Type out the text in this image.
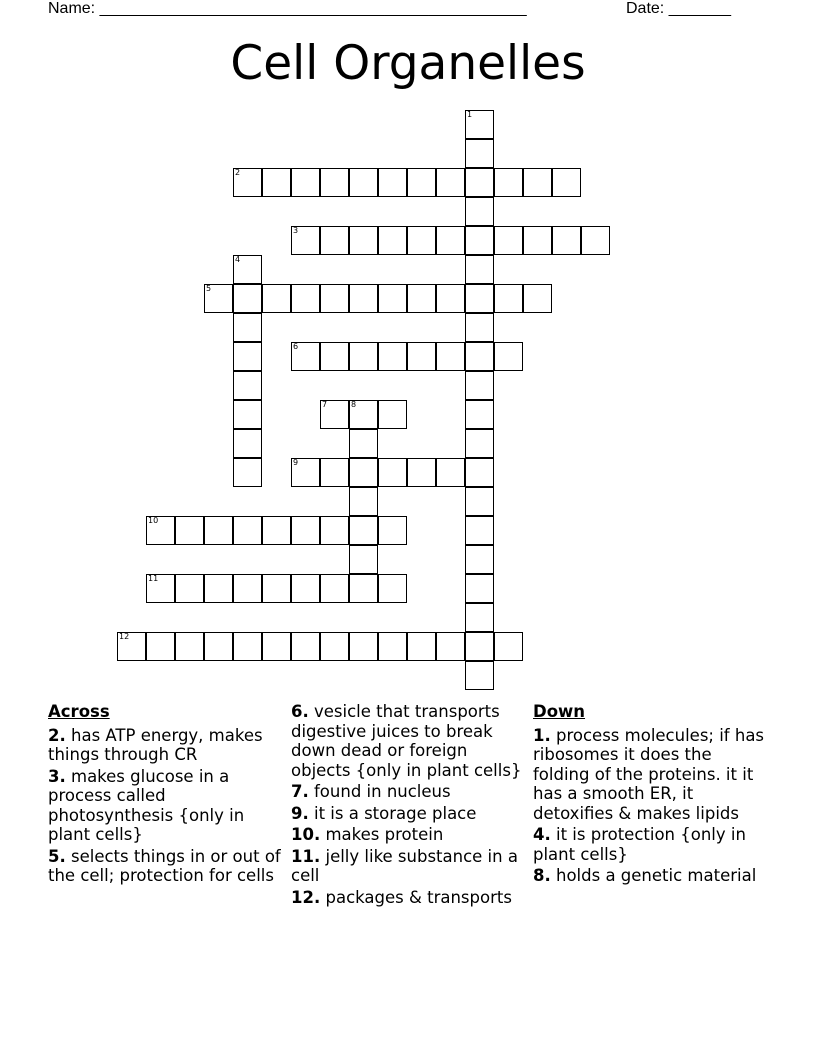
Name: ________________________________________________	Date: _______
Cell Organelles
1
2
3
4
5
6
7	8
9
10
11
12
Across
2. has ATP energy, makes things through CR
3. makes glucose in a process called photosynthesis {only in plant cells}
5. selects things in or out of the cell; protection for cells
6. vesicle that transports digestive juices to break down dead or foreign objects {only in plant cells}
7. found in nucleus
9. it is a storage place
10. makes protein
11. jelly like substance in a cell
12. packages & transports
Down
1. process molecules; if has ribosomes it does the folding of the proteins. it it has a smooth ER, it detoxifies & makes lipids
4. it is protection {only in plant cells}
8. holds a genetic material
